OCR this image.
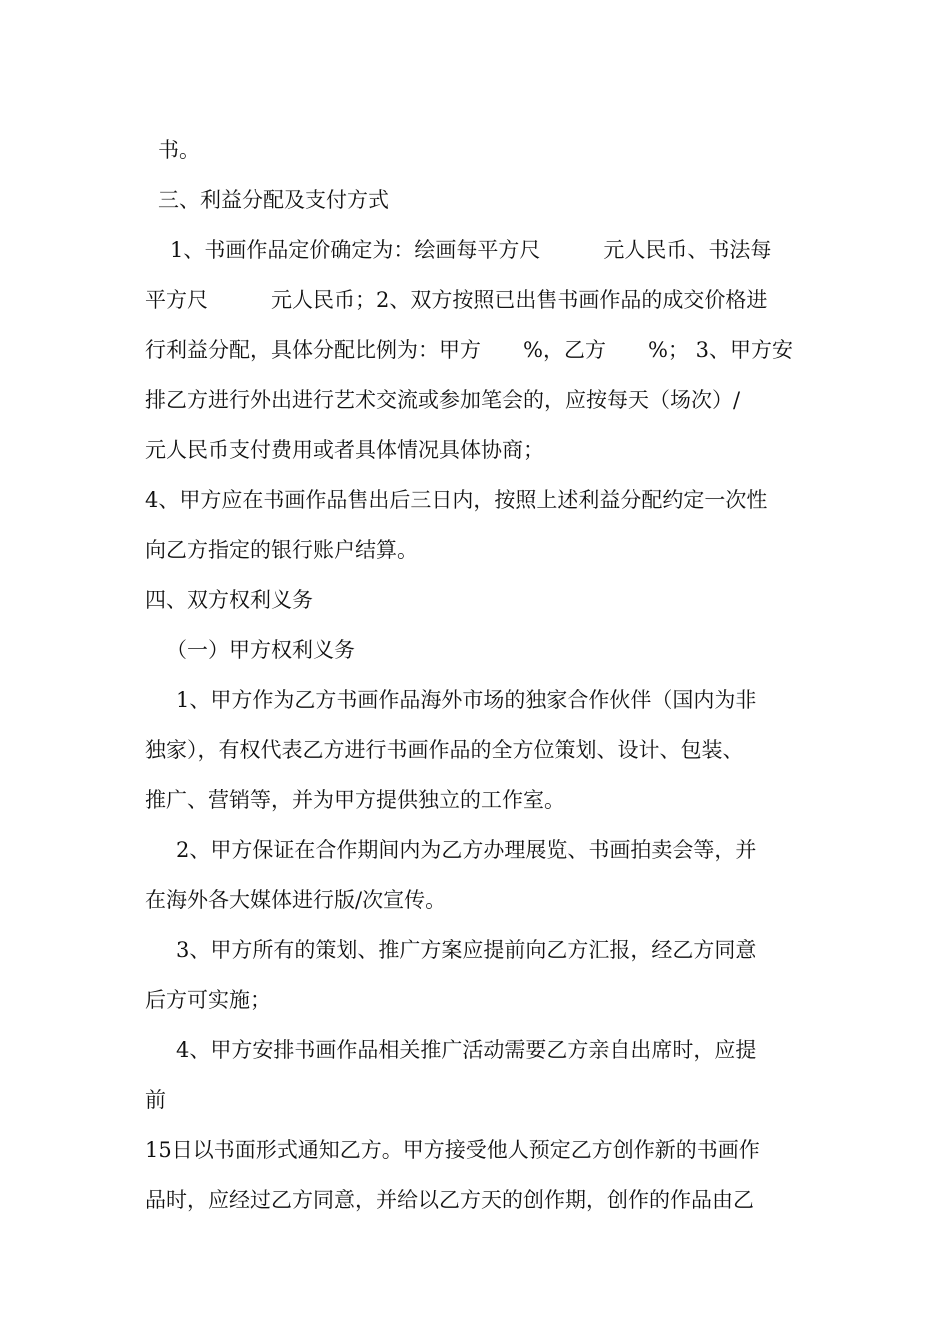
书。
三、利益分配及支付方式
1、书画作品定价确定为：绘画每平方尺　　　元人民币、书法每
平方尺　　　元人民币；2、双方按照已出售书画作品的成交价格进
行利益分配，具体分配比例为：甲方　　%，乙方　　%； 3、甲方安
排乙方进行外出进行艺术交流或参加笔会的，应按每天（场次）/
元人民币支付费用或者具体情况具体协商；
4、甲方应在书画作品售出后三日内，按照上述利益分配约定一次性
向乙方指定的银行账户结算。
四、双方权利义务
（一）甲方权利义务
1、甲方作为乙方书画作品海外市场的独家合作伙伴（国内为非
独家），有权代表乙方进行书画作品的全方位策划、设计、包装、
推广、营销等，并为甲方提供独立的工作室。
2、甲方保证在合作期间内为乙方办理展览、书画拍卖会等，并
在海外各大媒体进行版/次宣传。
3、甲方所有的策划、推广方案应提前向乙方汇报，经乙方同意
后方可实施；
4、甲方安排书画作品相关推广活动需要乙方亲自出席时，应提
前
15日以书面形式通知乙方。甲方接受他人预定乙方创作新的书画作
品时，应经过乙方同意，并给以乙方天的创作期，创作的作品由乙
